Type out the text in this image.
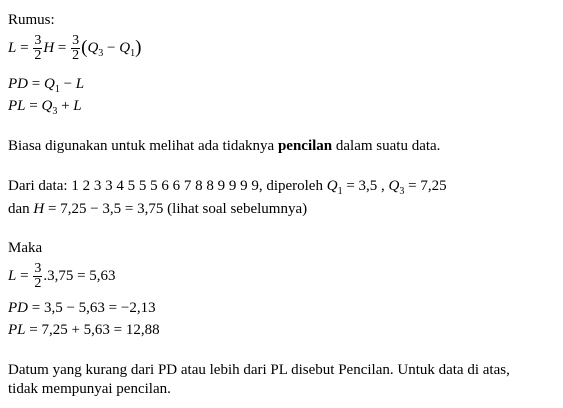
Rumus:
$L = \frac{3}{2}$ $H = \frac{3}{2} (Q_3 - Q_1)$
PD = $Q_1 - L$
PL = $Q_3 + L$
Biasa digunakan untuk melihat ada tidaknya pencilan dalam suatu data.
Dari data: 1 2 3 3 4 5 5 5 6 6 7 8 8 9 9 9 9, diperoleh $Q_1 = 3,5$ , $Q_3 = 7,25$
dan H = 7,25 − 3,5 = 3,75 (lihat soal sebelumnya)
Maka
$L = \frac{3}{2} .3,75 = 5,63$
PD = 3,5 − 5,63 = −2,13
PL = 7,25 + 5,63 = 12,88
Datum yang kurang dari PD atau lebih dari PL disebut Pencilan. Untuk data di atas,
tidak mempunyai pencilan.
